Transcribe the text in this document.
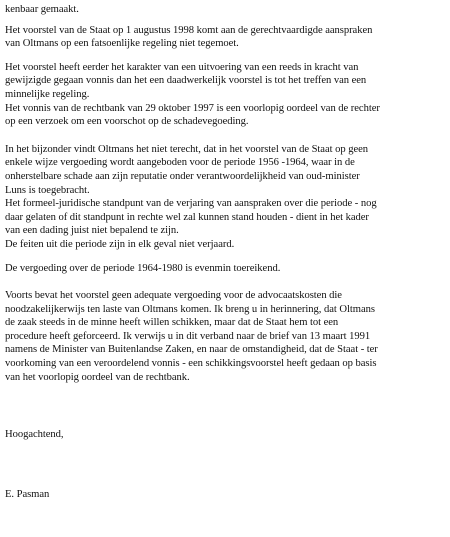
kenbaar gemaakt.
Het voorstel van de Staat op 1 augustus 1998 komt aan de gerechtvaardigde aanspraken
van Oltmans op een fatsoenlijke regeling niet tegemoet.
Het voorstel heeft eerder het karakter van een uitvoering van een reeds in kracht van
gewijzigde gegaan vonnis dan het een daadwerkelijk voorstel is tot het treffen van een
minnelijke regeling.
Het vonnis van de rechtbank van 29 oktober 1997 is een voorlopig oordeel van de rechter
op een verzoek om een voorschot op de schadevegoeding.
In het bijzonder vindt Oltmans het niet terecht, dat in het voorstel van de Staat op geen
enkele wijze vergoeding wordt aangeboden voor de periode 1956 -1964, waar in de
onherstelbare schade aan zijn reputatie onder verantwoordelijkheid van oud-minister
Luns is toegebracht.
Het formeel-juridische standpunt van de verjaring van aanspraken over die periode - nog
daar gelaten of dit standpunt in rechte wel zal kunnen stand houden - dient in het kader
van een dading juist niet bepalend te zijn.
De feiten uit die periode zijn in elk geval niet verjaard.
De vergoeding over de periode 1964-1980 is evenmin toereikend.
Voorts bevat het voorstel geen adequate vergoeding voor de advocaatskosten die
noodzakelijkerwijs ten laste van Oltmans komen. Ik breng u in herinnering, dat Oltmans
de zaak steeds in de minne heeft willen schikken, maar dat de Staat hem tot een
procedure heeft geforceerd. Ik verwijs u in dit verband naar de brief van 13 maart 1991
namens de Minister van Buitenlandse Zaken, en naar de omstandigheid, dat de Staat - ter
voorkoming van een veroordelend vonnis - een schikkingsvoorstel heeft gedaan op basis
van het voorlopig oordeel van de rechtbank.
Hoogachtend,
E. Pasman
